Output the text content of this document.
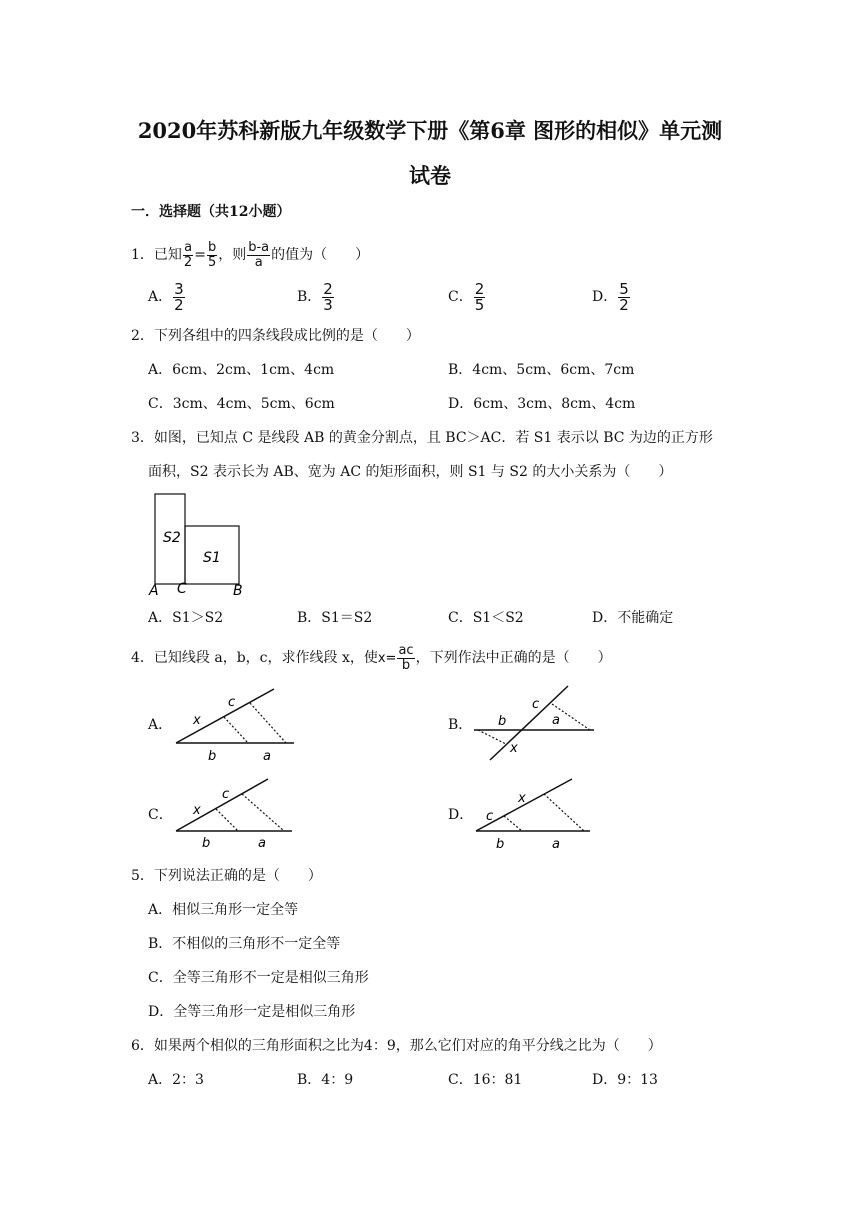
2020年苏科新版九年级数学下册《第6章 图形的相似》单元测
试卷
一．选择题（共12小题）
1．已知 $\frac{a}{2} = \frac{b}{5}$ ，则 $\frac{b-a}{a}$ 的值为（　　）
A． $\frac{3}{2}$	B． $\frac{2}{3}$	C． $\frac{2}{5}$	D． $\frac{5}{2}$
2．下列各组中的四条线段成比例的是（　　）
A．6cm、2cm、1cm、4cm	B．4cm、5cm、6cm、7cm
C．3cm、4cm、5cm、6cm	D．6cm、3cm、8cm、4cm
3．如图，已知点 C 是线段 AB 的黄金分割点，且 BC＞AC．若 S1 表示以 BC 为边的正方形
面积，S2 表示长为 AB、宽为 AC 的矩形面积，则 S1 与 S2 的大小关系为（　　）
S2
S1
A C	B
A．S1＞S2	B．S1＝S2	C．S1＜S2	D．不能确定
4．已知线段 a，b，c，求作线段 x，使$x= \frac{ac}{b}$ ，下列作法中正确的是（　　）
A． x
c
b	a
B． b
c
a
x
C． x
c
b	a
D． c
x
b	a
5．下列说法正确的是（　　）
A．相似三角形一定全等
B．不相似的三角形不一定全等
C．全等三角形不一定是相似三角形
D．全等三角形一定是相似三角形
6．如果两个相似的三角形面积之比为4：9，那么它们对应的角平分线之比为（　　）
A．2：3	B．4：9	C．16：81	D．9：13
